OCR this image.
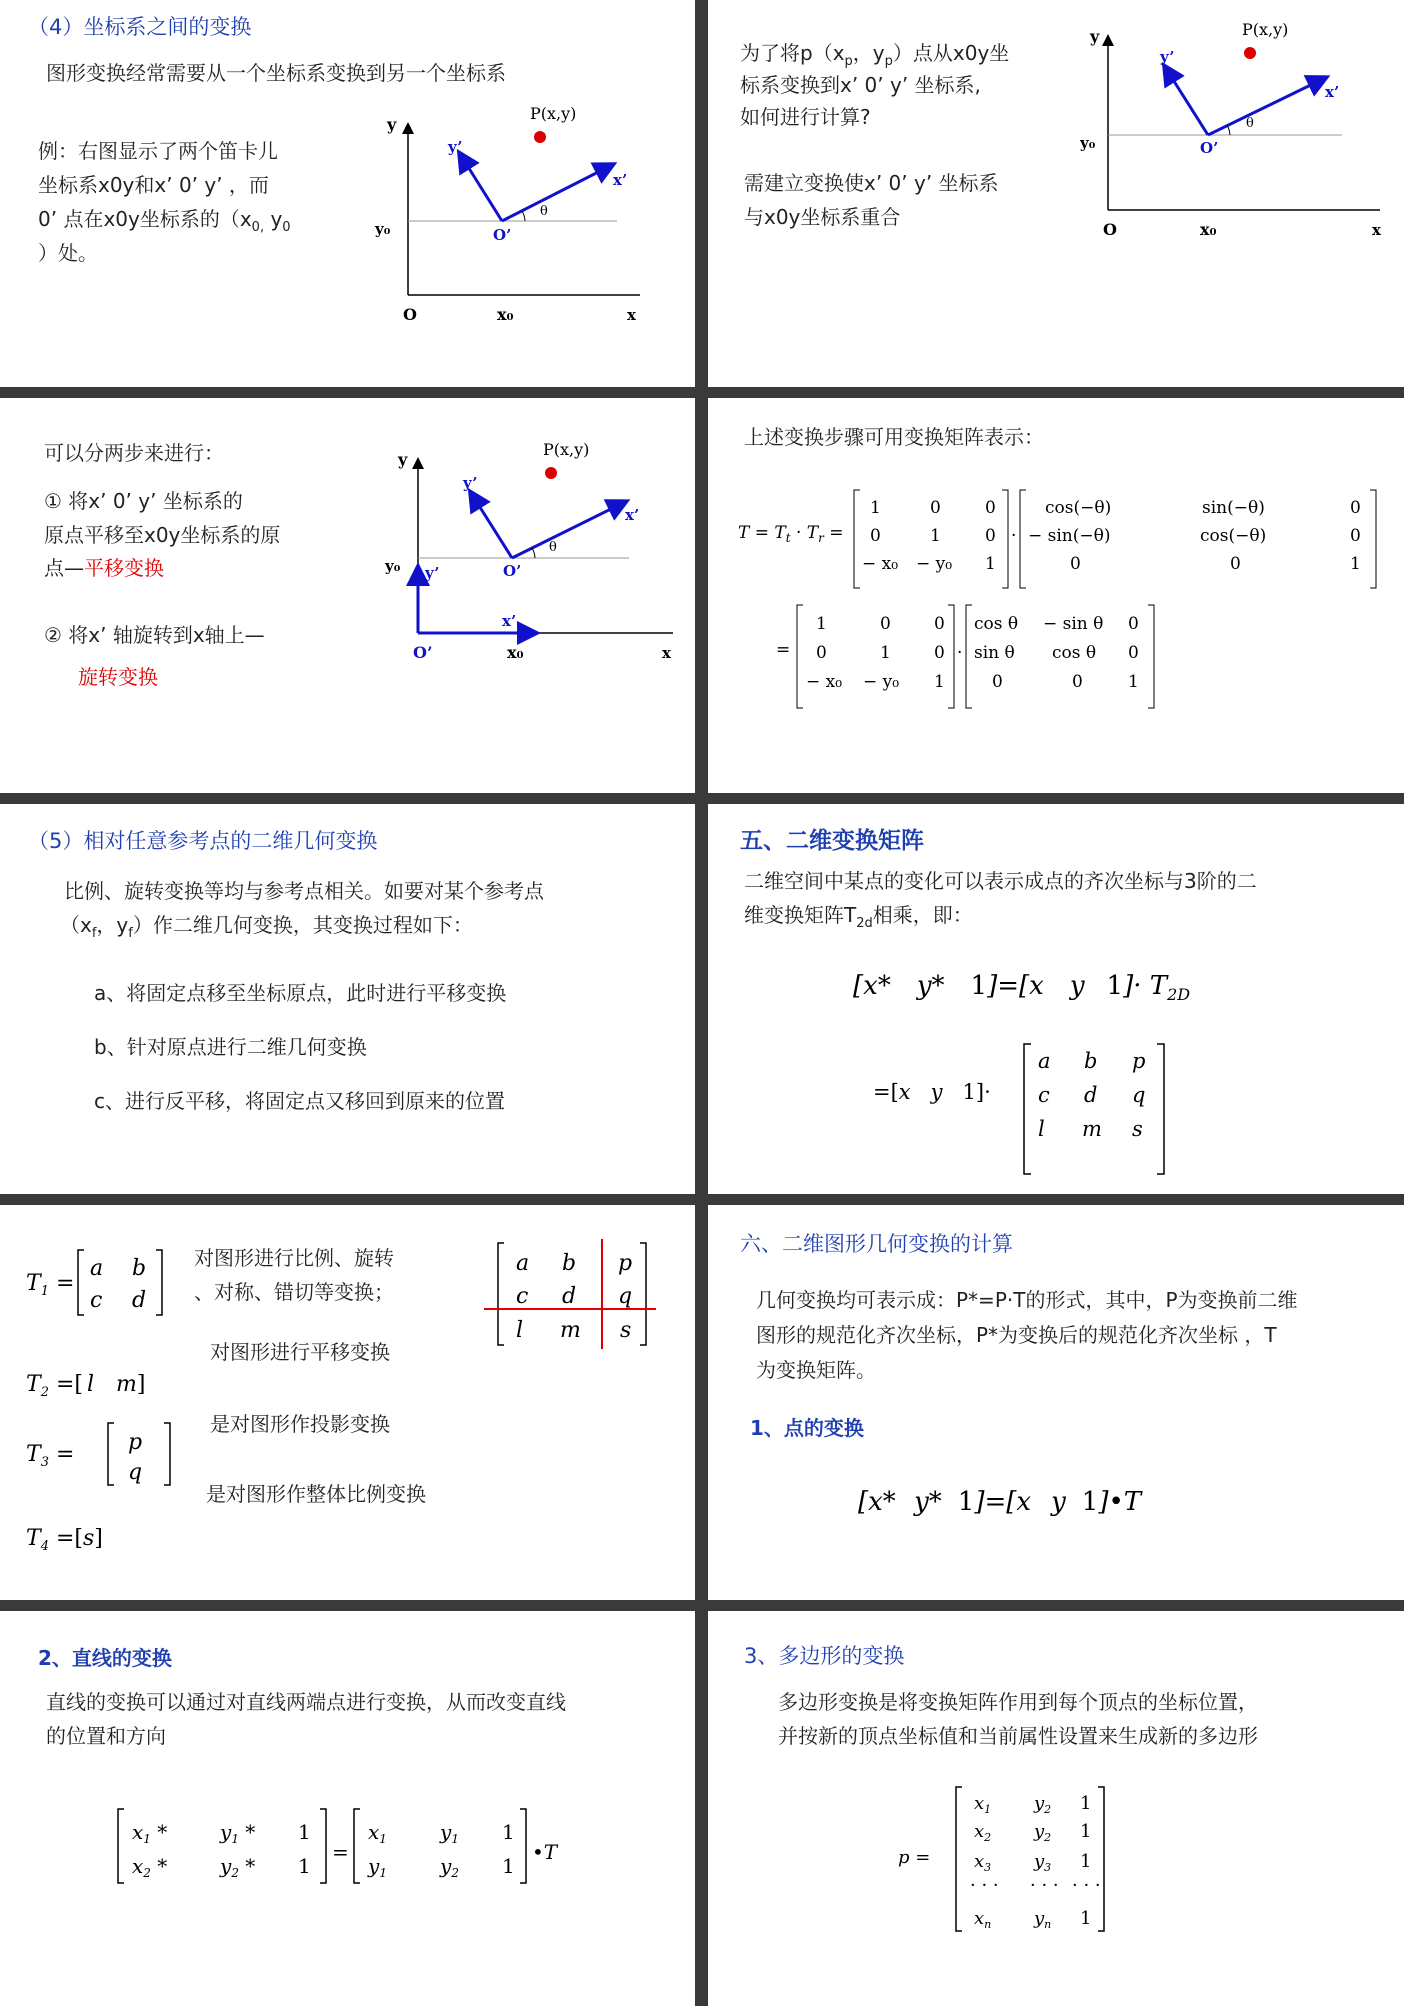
（4）坐标系之间的变换
图形变换经常需要从一个坐标系变换到另一个坐标系
例：右图显示了两个笛卡儿
坐标系x0y和x’ 0’ y’ ，而
0’ 点在x0y坐标系的（$x_{0,}$ $y_0$
）处。
y
y₀
O	x₀	x
y’
x’
O’
θ
P(x,y)
为了将$p(x_p$，$y_p$）点从x0y坐
标系变换到x’ 0’ y’ 坐标系,
如何进行计算?
需建立变换使x’ 0’ y’ 坐标系
与x0y坐标系重合
y
y₀
O	x₀	x
y’
x’
O’
θ
P(x,y)
可以分两步来进行：
① 将x’ 0’ y’ 坐标系的
原点平移至x0y坐标系的原
点—平移变换
② 将x’ 轴旋转到x轴上—
旋转变换
y
y₀ y’
O’	x₀	x
x’
y’
x’
O’
θ
P(x,y)
上述变换步骤可用变换矩阵表示：
$T = T_t \cdot T_r$ =
1	0	0
0	1	0
− x₀ − y₀ 1
·
cos(−θ)	sin(−θ)	0
− sin(−θ)	cos(−θ)	0
0	0	1
=
1	0	0
0	1	0
− x₀ − y₀ 1
·
cos θ − sin θ 0
sin θ cos θ 0
0	0	1
（5）相对任意参考点的二维几何变换
比例、旋转变换等均与参考点相关。如要对某个参考点
（$x_f$，$y_f$）作二维几何变换，其变换过程如下：
a、将固定点移至坐标原点，此时进行平移变换
b、针对原点进行二维几何变换
c、进行反平移，将固定点又移回到原来的位置
五、二维变换矩阵
二维空间中某点的变化可以表示成点的齐次坐标与3阶的二
维变换矩阵$T_{2d}$相乘，即：
[x* y* 1]=[x y $1]\cdot T_{2D}$
=[x y 1]·
a b p
c d q
l m s
$T_1$ =
a b
c d
$T_2$ =[ l m]
$T_3 = p$
q
$T_4 =[s]$
对图形进行比例、旋转
、对称、错切等变换；
对图形进行平移变换
是对图形作投影变换
是对图形作整体比例变换
a b p
c d q
l m s
六、二维图形几何变换的计算
几何变换均可表示成：P*=P·T的形式，其中，P为变换前二维
图形的规范化齐次坐标，P*为变换后的规范化齐次坐标 ，T
为变换矩阵。
1、点的变换
[x* y* 1]=[x y 1]•T
2、直线的变换
直线的变换可以通过对直线两端点进行变换，从而改变直线
的位置和方向
$x_1$ *	$y_1 * 1$
$x_2$ *	$y_2 * 1$
=
$x_1$	$y_1$ 1
$y_1$	$y_2$ 1
•T
3、多边形的变换
多边形变换是将变换矩阵作用到每个顶点的坐标位置，
并按新的顶点坐标值和当前属性设置来生成新的多边形
p =
$x_1$ $y_2$ 1
$x_2$ $y_2$ 1
$x_3$ $y_3$ 1
· · · · · · · · ·
$x_n$ $y_n$ 1
